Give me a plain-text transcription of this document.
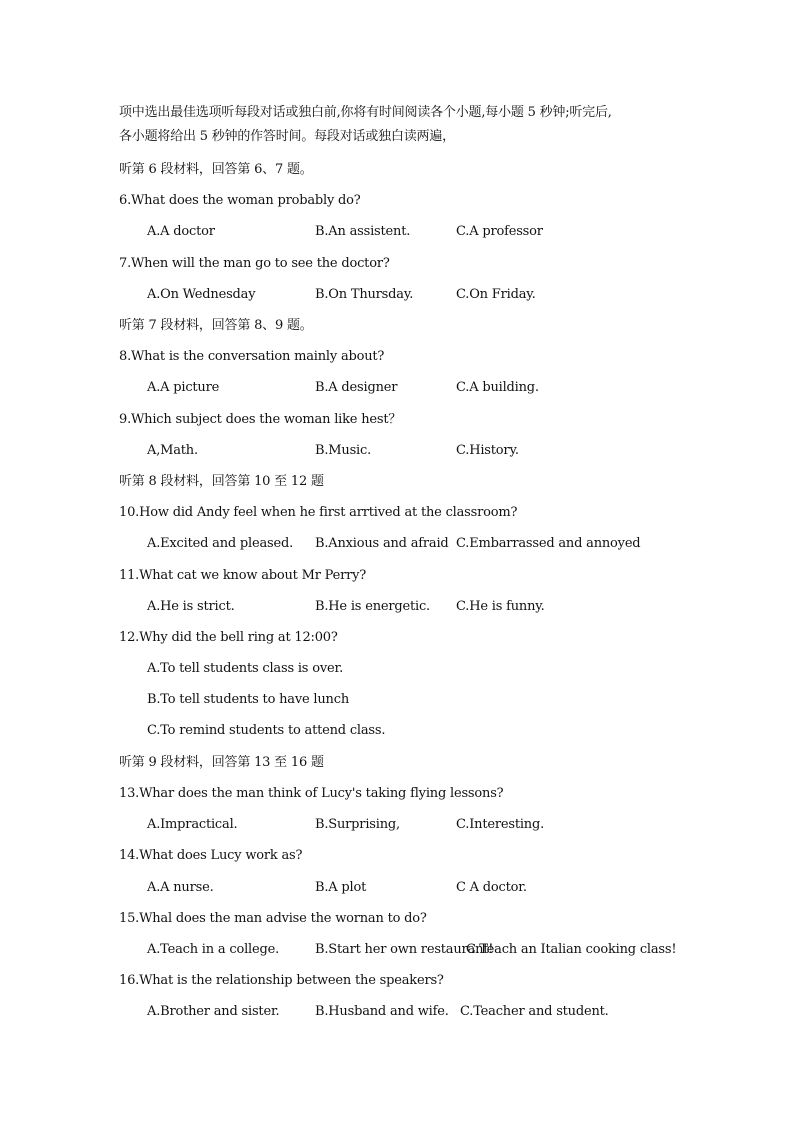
项中选出最佳选项听每段对话或独白前,你将有时间阅读各个小题,每小题 5 秒钟;听完后,
各小题将给出 5 秒钟的作答时间。每段对话或独白读两遍，
听第 6 段材料，回答第 6、7 题。
6.What does the woman probably do?
A.A doctor	B.An assistent.	C.A professor
7.When will the man go to see the doctor?
A.On Wednesday	B.On Thursday.	C.On Friday.
听第 7 段材料，回答第 8、9 题。
8.What is the conversation mainly about?
A.A picture	B.A designer	C.A building.
9.Which subject does the woman like hest？
A,Math.	B.Music.	C.History.
听第 8 段材料，回答第 10 至 12 题
10.How did Andy feel when he first arrtived at the classroom?
A.Excited and pleased. B.Anxious and afraid C.Embarrassed and annoyed
11.What cat we know about Mr Perry?
A.He is strict.	B.He is energetic. C.He is funny.
12.Why did the bell ring at 12:00?
A.To tell students class is over.
B.To tell students to have lunch
C.To remind students to attend class.
听第 9 段材料，回答第 13 至 16 题
13.Whar does the man think of Lucy's taking flying lessons?
A.Impractical.	B.Surprising,	C.Interesting.
14.What does Lucy work as?
A.A nurse.	B.A plot	C A doctor.
15.Whal does the man advise the wornan to do?
A.Teach in a college.	B.Start her own restaurant!
C.Teach an Italian cooking class!
16.What is the relationship between the speakers?
A.Brother and sister.	B.Husband and wife. C.Teacher and student.
